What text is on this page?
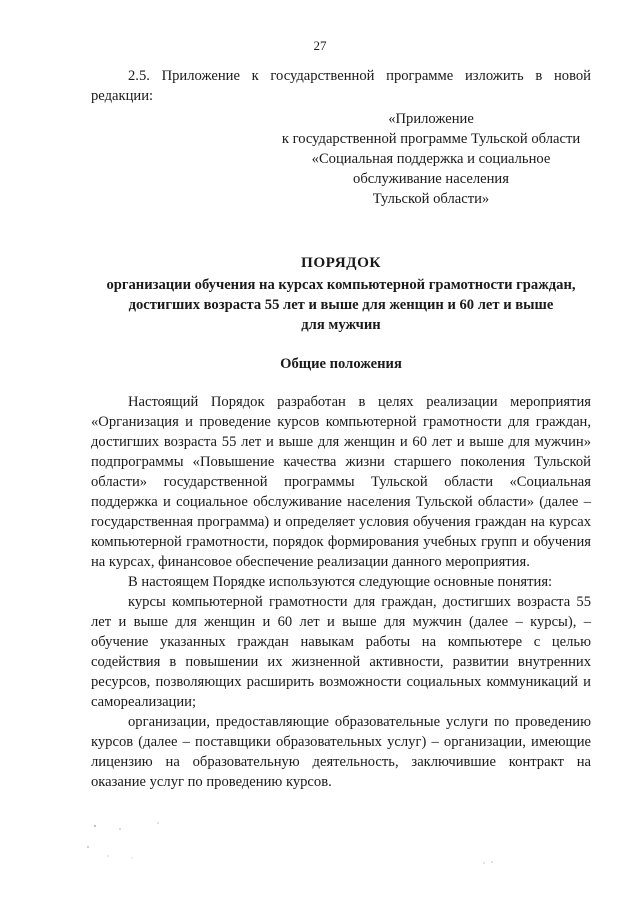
27

2.5. Приложение к государственной программе изложить в новой редакции:

«Приложение
к государственной программе Тульской области
«Социальная поддержка и социальное
обслуживание населения
Тульской области»
ПОРЯДОК
организации обучения на курсах компьютерной грамотности граждан,
достигших возраста 55 лет и выше для женщин и 60 лет и выше
для мужчин
Общие положения

Настоящий Порядок разработан в целях реализации мероприятия «Организация и проведение курсов компьютерной грамотности для граждан, достигших возраста 55 лет и выше для женщин и 60 лет и выше для мужчин» подпрограммы «Повышение качества жизни старшего поколения Тульской области» государственной программы Тульской области «Социальная поддержка и социальное обслуживание населения Тульской области» (далее – государственная программа) и определяет условия обучения граждан на курсах компьютерной грамотности, порядок формирования учебных групп и обучения на курсах, финансовое обеспечение реализации данного мероприятия.

В настоящем Порядке используются следующие основные понятия:

курсы компьютерной грамотности для граждан, достигших возраста 55 лет и выше для женщин и 60 лет и выше для мужчин (далее – курсы), – обучение указанных граждан навыкам работы на компьютере с целью содействия в повышении их жизненной активности, развитии внутренних ресурсов, позволяющих расширить возможности социальных коммуникаций и самореализации;

организации, предоставляющие образовательные услуги по проведению курсов (далее – поставщики образовательных услуг) – организации, имеющие лицензию на образовательную деятельность, заключившие контракт на оказание услуг по проведению курсов.
